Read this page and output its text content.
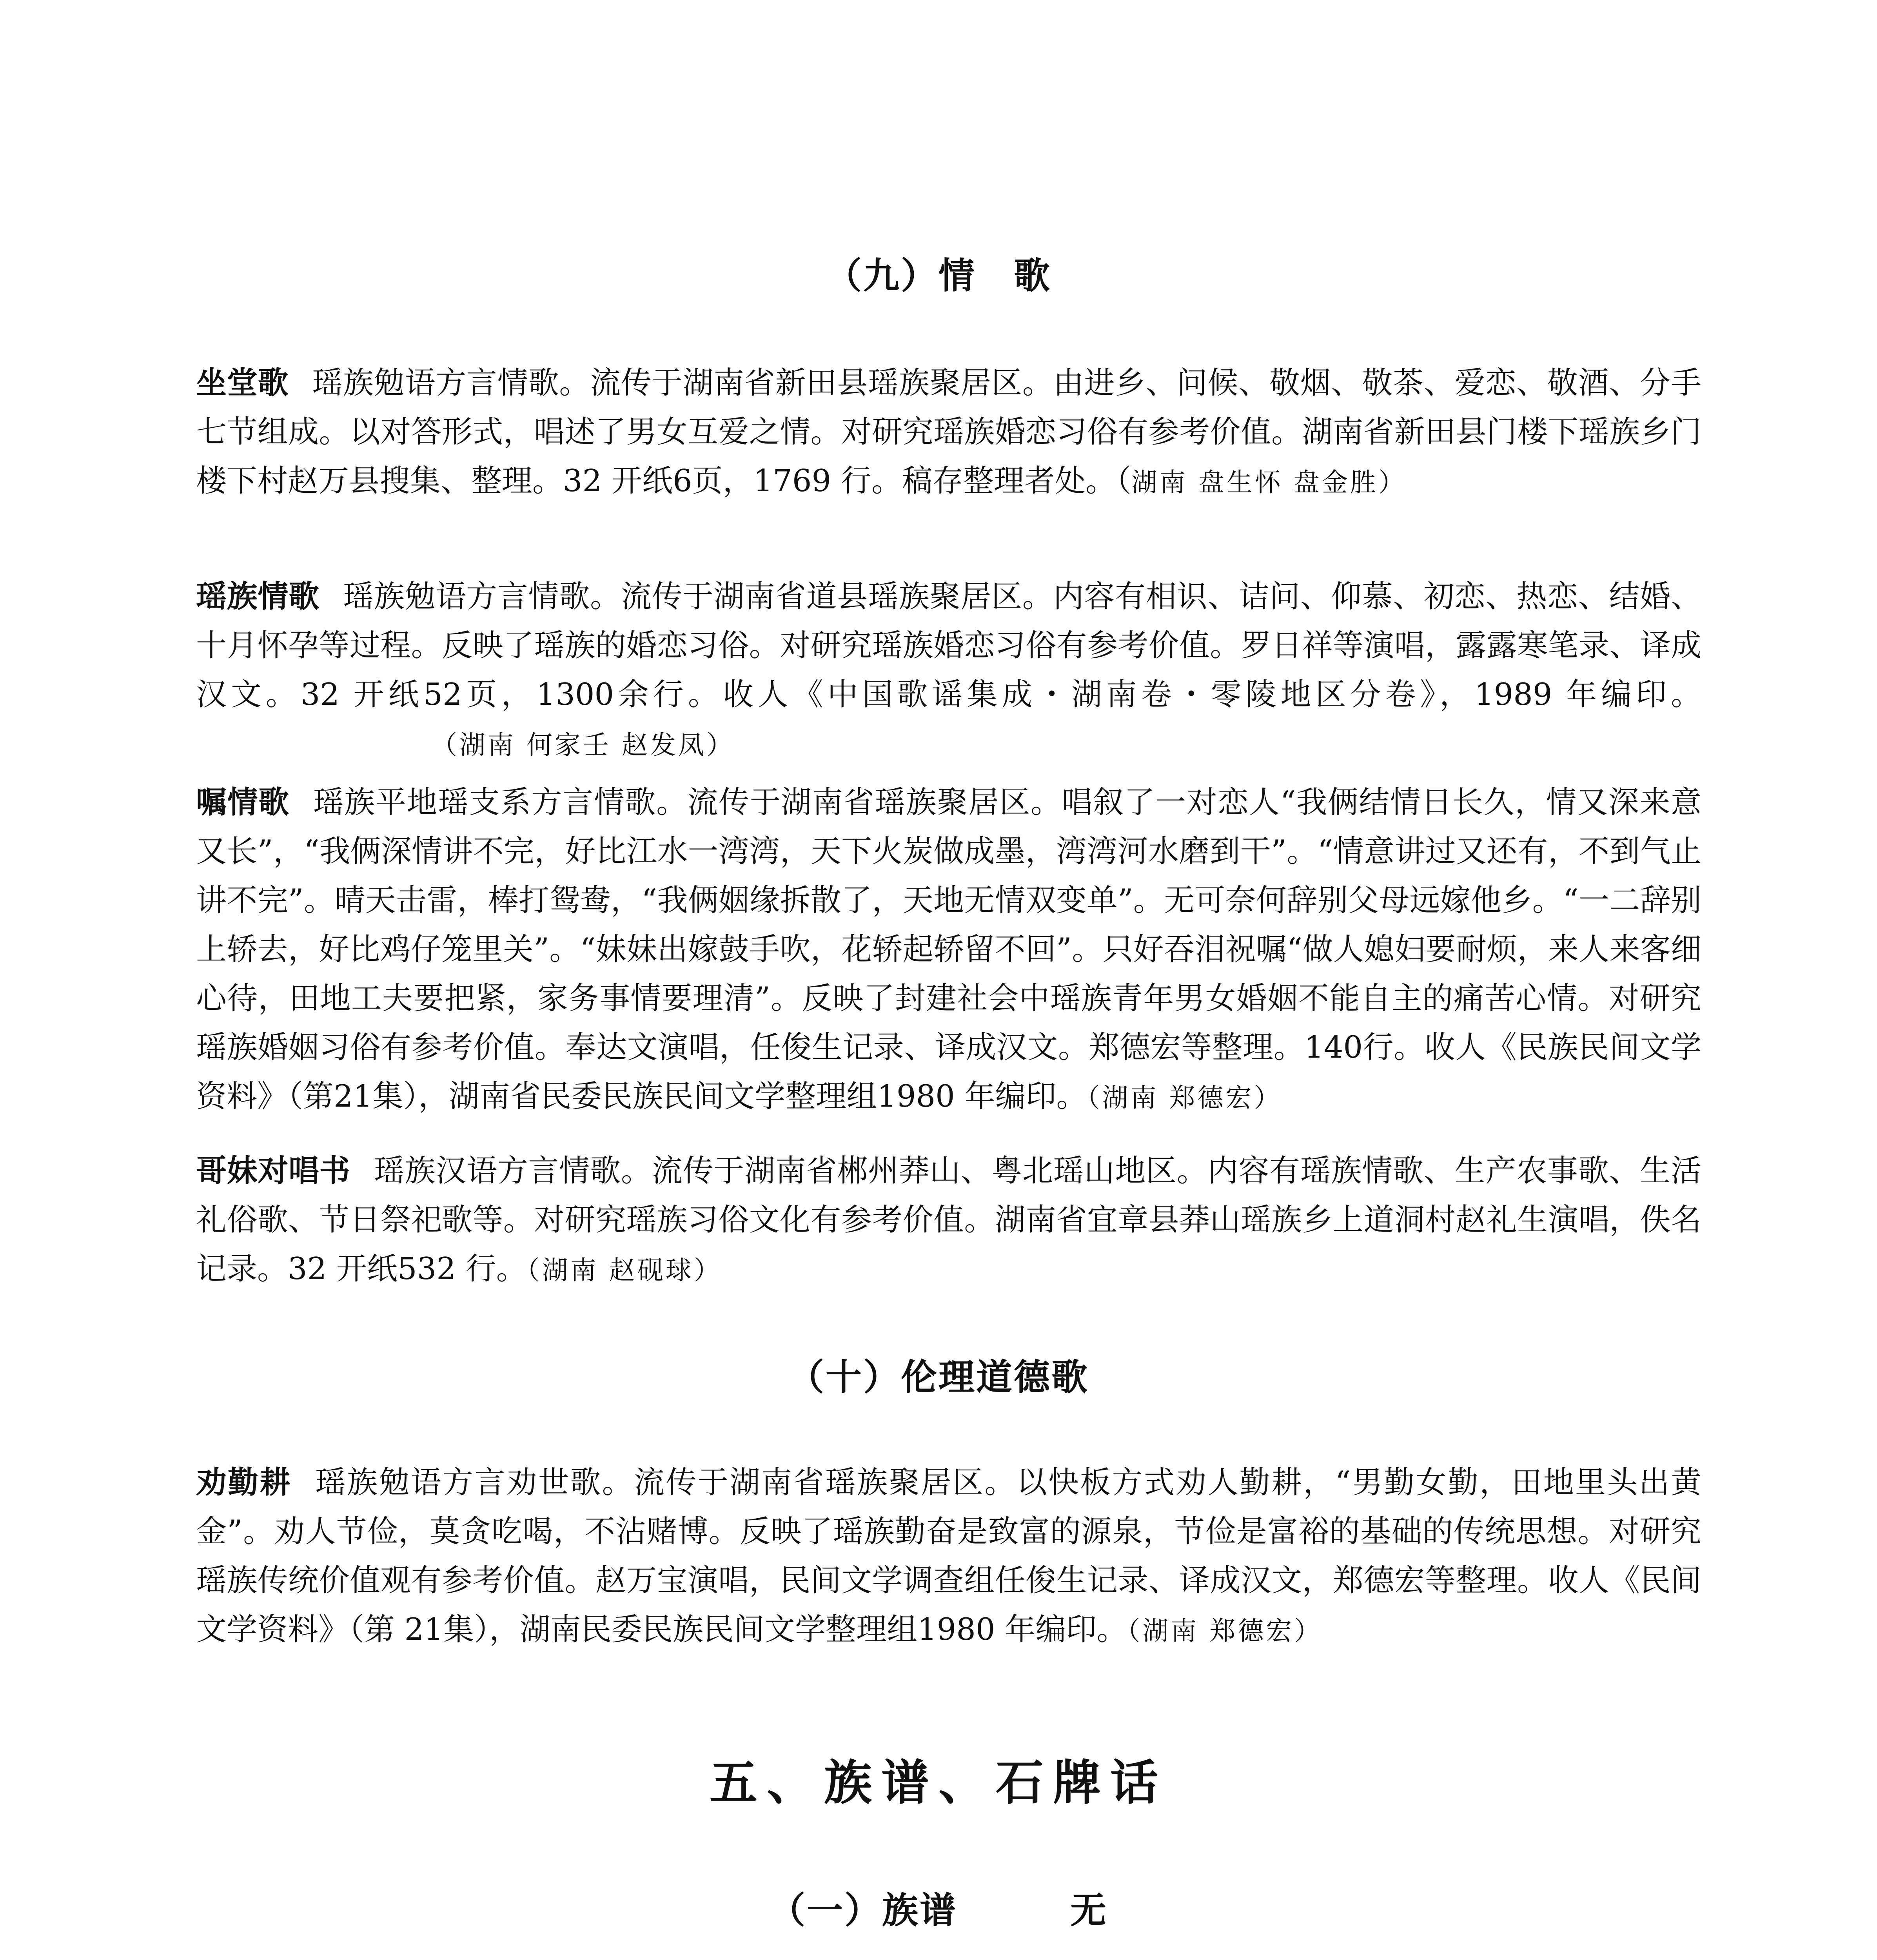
（九）情　歌
坐堂歌 瑶族勉语方言情歌。流传于湖南省新田县瑶族聚居区。由进乡、问候、敬烟、敬茶、爱恋、敬酒、分手七节组成。以对答形式，唱述了男女互爱之情。对研究瑶族婚恋习俗有参考价值。湖南省新田县门楼下瑶族乡门楼下村赵万县搜集、整理。32 开纸6页，1769 行。稿存整理者处。（湖南 盘生怀 盘金胜）
瑶族情歌 瑶族勉语方言情歌。流传于湖南省道县瑶族聚居区。内容有相识、诘问、仰慕、初恋、热恋、结婚、十月怀孕等过程。反映了瑶族的婚恋习俗。对研究瑶族婚恋习俗有参考价值。罗日祥等演唱，露露寒笔录、译成汉文。32 开纸52页，1300余行。收人《中国歌谣集成・湖南卷・零陵地区分卷》，1989 年编印。（湖南 何家壬 赵发凤）
嘱情歌 瑶族平地瑶支系方言情歌。流传于湖南省瑶族聚居区。唱叙了一对恋人“我俩结情日长久，情又深来意又长”，“我俩深情讲不完，好比江水一湾湾，天下火炭做成墨，湾湾河水磨到干”。“情意讲过又还有，不到气止讲不完”。晴天击雷，棒打鸳鸯，“我俩姻缘拆散了，天地无情双变单”。无可奈何辞别父母远嫁他乡。“一二辞别上轿去，好比鸡仔笼里关”。“妹妹出嫁鼓手吹，花轿起轿留不回”。只好吞泪祝嘱“做人媳妇要耐烦，来人来客细心待，田地工夫要把紧，家务事情要理清”。反映了封建社会中瑶族青年男女婚姻不能自主的痛苦心情。对研究瑶族婚姻习俗有参考价值。奉达文演唱，任俊生记录、译成汉文。郑德宏等整理。140行。收人《民族民间文学资料》（第21集），湖南省民委民族民间文学整理组1980 年编印。（湖南 郑德宏）
哥妹对唱书 瑶族汉语方言情歌。流传于湖南省郴州莽山、粤北瑶山地区。内容有瑶族情歌、生产农事歌、生活礼俗歌、节日祭祀歌等。对研究瑶族习俗文化有参考价值。湖南省宜章县莽山瑶族乡上道洞村赵礼生演唱，佚名记录。32 开纸532 行。（湖南 赵砚球）
（十）伦理道德歌
劝勤耕 瑶族勉语方言劝世歌。流传于湖南省瑶族聚居区。以快板方式劝人勤耕，“男勤女勤，田地里头出黄金”。劝人节俭，莫贪吃喝，不沾赌博。反映了瑶族勤奋是致富的源泉，节俭是富裕的基础的传统思想。对研究瑶族传统价值观有参考价值。赵万宝演唱，民间文学调查组任俊生记录、译成汉文，郑德宏等整理。收人《民间文学资料》（第 21集），湖南民委民族民间文学整理组1980 年编印。（湖南 郑德宏）
五、族谱、石牌话
（一）族谱　　　无
